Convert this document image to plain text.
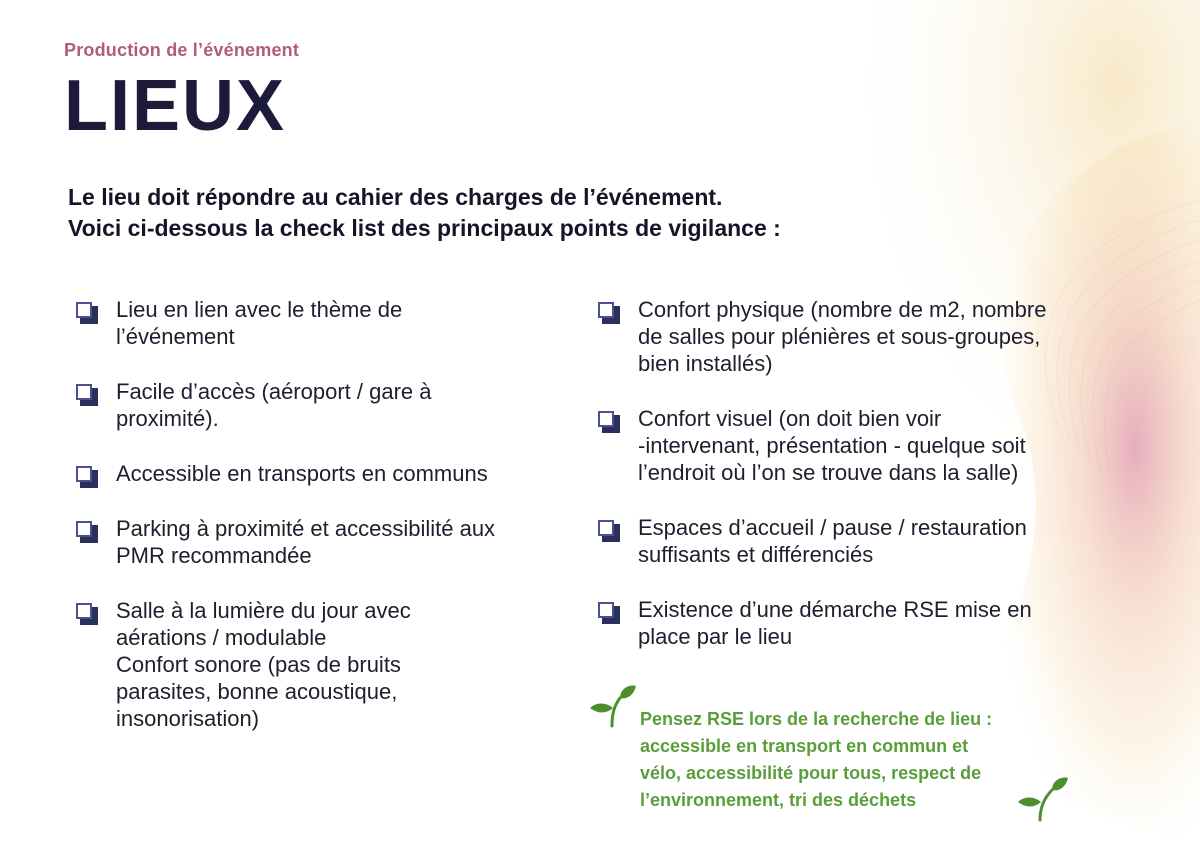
Production de l’événement
LIEUX

Le lieu doit répondre au cahier des charges de l’événement.

Voici ci-dessous la check list des principaux points de vigilance :

Lieu en lien avec le thème de
l’événement
Facile d’accès (aéroport / gare à
proximité).
Accessible en transports en communs
Parking à proximité et accessibilité aux
PMR recommandée
Salle à la lumière du jour avec
aérations / modulable
Confort sonore (pas de bruits
parasites, bonne acoustique,
insonorisation)
Confort physique (nombre de m2, nombre
de salles pour plénières et sous-groupes,
bien installés)
Confort visuel (on doit bien voir
-intervenant, présentation - quelque soit
l’endroit où l’on se trouve dans la salle)
Espaces d’accueil / pause / restauration
suffisants et différenciés
Existence d’une démarche RSE mise en
place par le lieu
Pensez RSE lors de la recherche de lieu :
accessible en transport en commun et
vélo, accessibilité pour tous, respect de
l’environnement, tri des déchets
